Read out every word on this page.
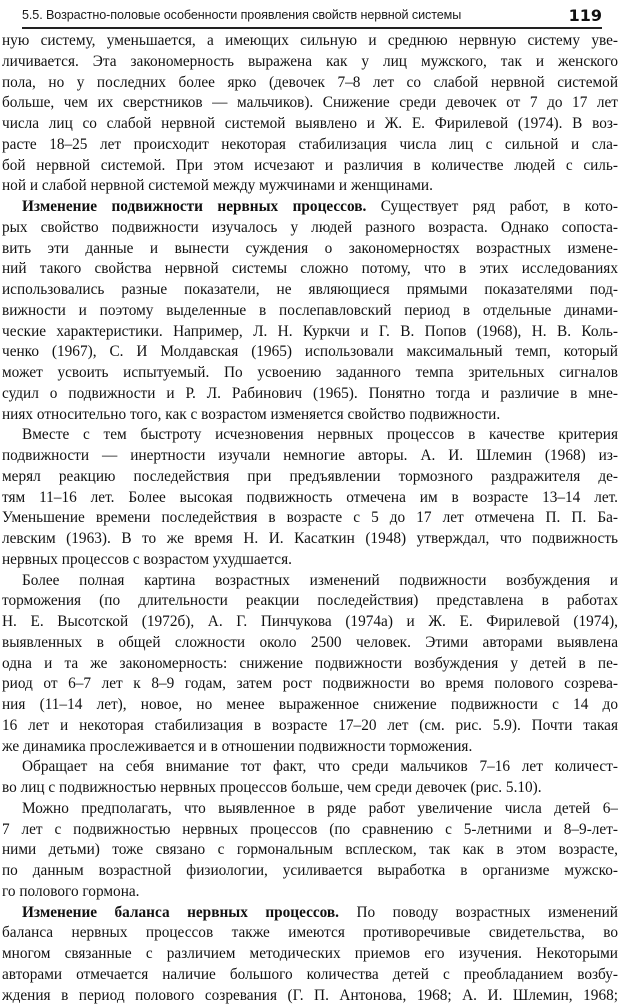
5.5. Возрастно-половые особенности проявления свойств нервной системы	119
ную систему, уменьшается, а имеющих сильную и среднюю нервную систему уве-
личивается. Эта закономерность выражена как у лиц мужского, так и женского
пола, но у последних более ярко (девочек 7–8 лет со слабой нервной системой
больше, чем их сверстников — мальчиков). Снижение среди девочек от 7 до 17 лет
числа лиц со слабой нервной системой выявлено и Ж. Е. Фирилевой (1974). В воз-
расте 18–25 лет происходит некоторая стабилизация числа лиц с сильной и сла-
бой нервной системой. При этом исчезают и различия в количестве людей с силь-
ной и слабой нервной системой между мужчинами и женщинами.
Изменение подвижности нервных процессов. Существует ряд работ, в кото-
рых свойство подвижности изучалось у людей разного возраста. Однако сопоста-
вить эти данные и вынести суждения о закономерностях возрастных измене-
ний такого свойства нервной системы сложно потому, что в этих исследованиях
использовались разные показатели, не являющиеся прямыми показателями под-
вижности и поэтому выделенные в послепавловский период в отдельные динами-
ческие характеристики. Например, Л. Н. Куркчи и Г. В. Попов (1968), Н. В. Коль-
ченко (1967), С. И Молдавская (1965) использовали максимальный темп, который
может усвоить испытуемый. По усвоению заданного темпа зрительных сигналов
судил о подвижности и Р. Л. Рабинович (1965). Понятно тогда и различие в мне-
ниях относительно того, как с возрастом изменяется свойство подвижности.
Вместе с тем быстроту исчезновения нервных процессов в качестве критерия
подвижности — инертности изучали немногие авторы. А. И. Шлемин (1968) из-
мерял реакцию последействия при предъявлении тормозного раздражителя де-
тям 11–16 лет. Более высокая подвижность отмечена им в возрасте 13–14 лет.
Уменьшение времени последействия в возрасте с 5 до 17 лет отмечена П. П. Ба-
левским (1963). В то же время Н. И. Касаткин (1948) утверждал, что подвижность
нервных процессов с возрастом ухудшается.
Более полная картина возрастных изменений подвижности возбуждения и
торможения (по длительности реакции последействия) представлена в работах
Н. Е. Высотской (1972б), А. Г. Пинчукова (1974а) и Ж. Е. Фирилевой (1974),
выявленных в общей сложности около 2500 человек. Этими авторами выявлена
одна и та же закономерность: снижение подвижности возбуждения у детей в пе-
риод от 6–7 лет к 8–9 годам, затем рост подвижности во время полового созрева-
ния (11–14 лет), новое, но менее выраженное снижение подвижности с 14 до
16 лет и некоторая стабилизация в возрасте 17–20 лет (см. рис. 5.9). Почти такая
же динамика прослеживается и в отношении подвижности торможения.
Обращает на себя внимание тот факт, что среди мальчиков 7–16 лет количест-
во лиц с подвижностью нервных процессов больше, чем среди девочек (рис. 5.10).
Можно предполагать, что выявленное в ряде работ увеличение числа детей 6–
7 лет с подвижностью нервных процессов (по сравнению с 5-летними и 8–9-лет-
ними детьми) тоже связано с гормональным всплеском, так как в этом возрасте,
по данным возрастной физиологии, усиливается выработка в организме мужско-
го полового гормона.
Изменение баланса нервных процессов. По поводу возрастных изменений
баланса нервных процессов также имеются противоречивые свидетельства, во
многом связанные с различием методических приемов его изучения. Некоторыми
авторами отмечается наличие большого количества детей с преобладанием возбу-
ждения в период полового созревания (Г. П. Антонова, 1968; А. И. Шлемин, 1968;
